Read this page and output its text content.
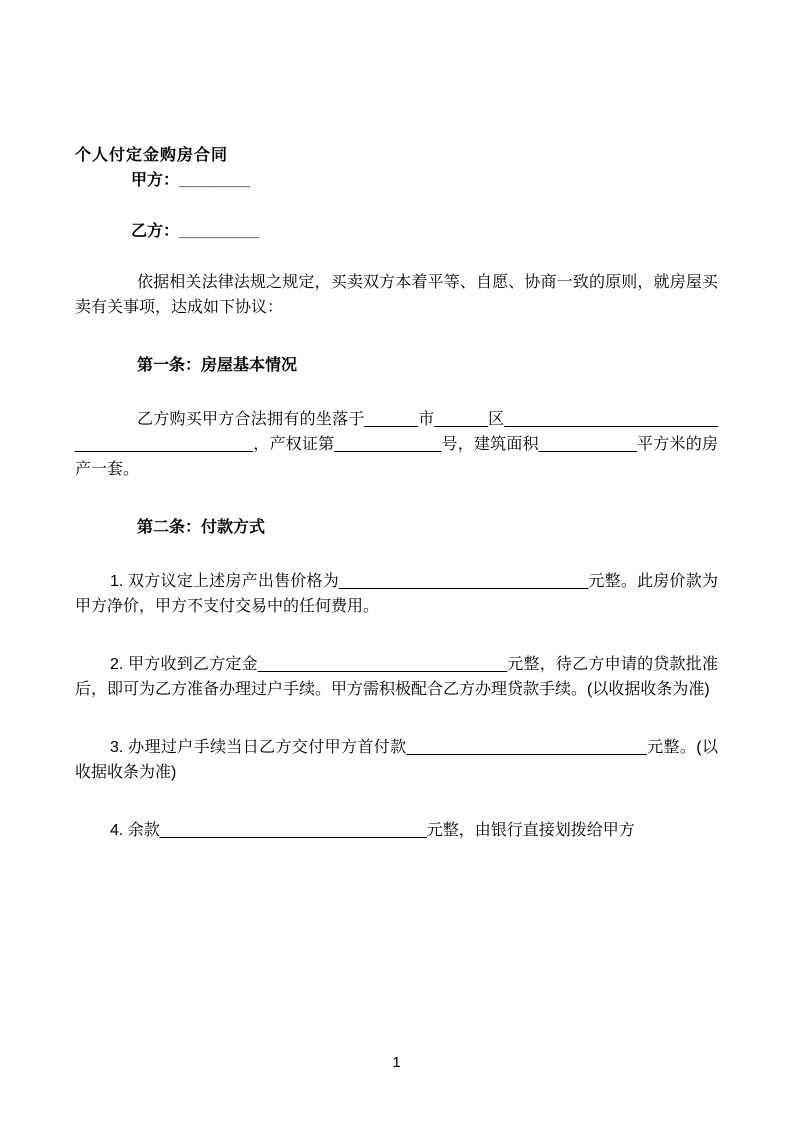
个人付定金购房合同

甲方：________

乙方：_________

依据相关法律法规之规定，买卖双方本着平等、自愿、协商一致的原则，就房屋买卖有关事项，达成如下协议：

第一条：房屋基本情况

乙方购买甲方合法拥有的坐落于______市______区____________________________________________，产权证第____________号，建筑面积___________平方米的房产一套。

第二条：付款方式

1. 双方议定上述房产出售价格为____________________________元整。此房价款为甲方净价，甲方不支付交易中的任何费用。

2. 甲方收到乙方定金____________________________元整，待乙方申请的贷款批准后，即可为乙方准备办理过户手续。甲方需积极配合乙方办理贷款手续。(以收据收条为准)

3. 办理过户手续当日乙方交付甲方首付款___________________________元整。(以收据收条为准)

4. 余款______________________________元整，由银行直接划拨给甲方

1
